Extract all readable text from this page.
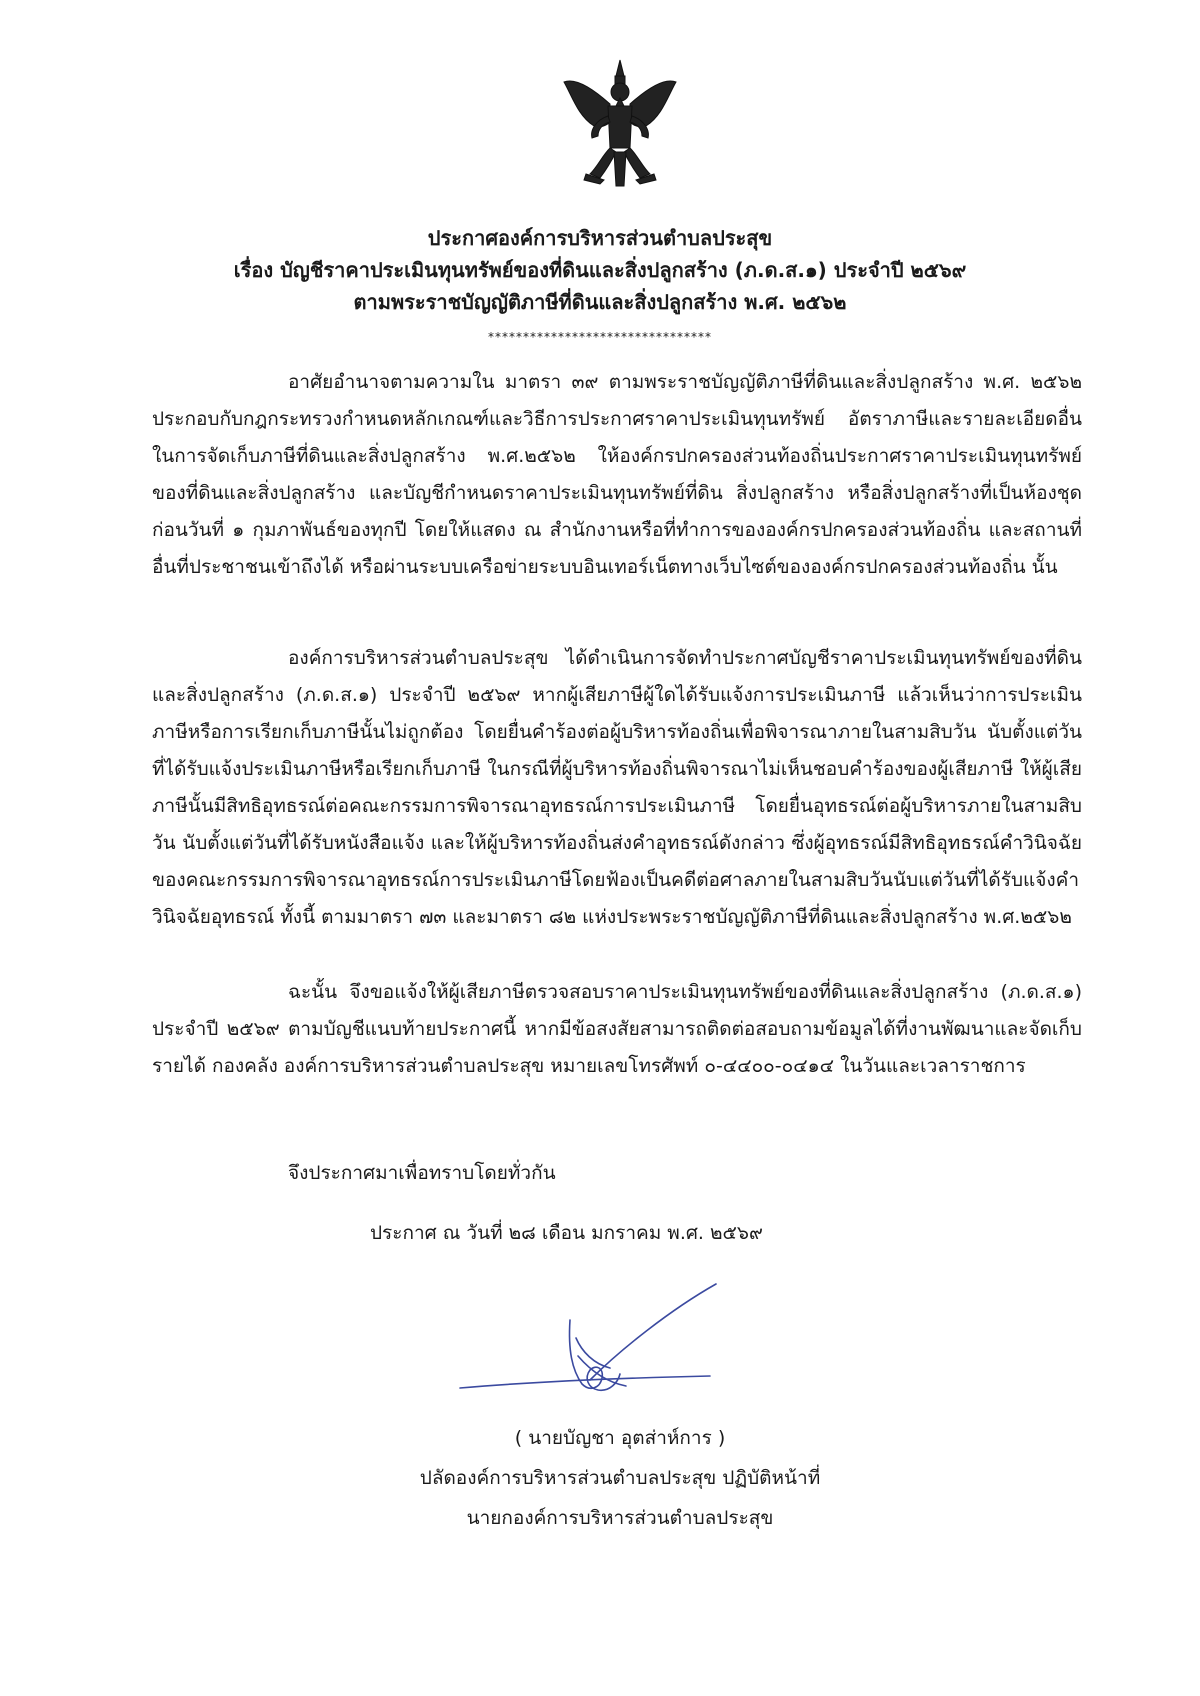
ประกาศองค์การบริหารส่วนตำบลประสุข
เรื่อง บัญชีราคาประเมินทุนทรัพย์ของที่ดินและสิ่งปลูกสร้าง (ภ.ด.ส.๑) ประจำปี ๒๕๖๙
ตามพระราชบัญญัติภาษีที่ดินและสิ่งปลูกสร้าง พ.ศ. ๒๕๖๒
********************************
อาศัยอำนาจตามความใน มาตรา ๓๙ ตามพระราชบัญญัติภาษีที่ดินและสิ่งปลูกสร้าง พ.ศ. ๒๕๖๒ ประกอบกับกฎกระทรวงกำหนดหลักเกณฑ์และวิธีการประกาศราคาประเมินทุนทรัพย์ อัตราภาษีและรายละเอียดอื่นในการจัดเก็บภาษีที่ดินและสิ่งปลูกสร้าง พ.ศ.๒๕๖๒ ให้องค์กรปกครองส่วนท้องถิ่นประกาศราคาประเมินทุนทรัพย์ของที่ดินและสิ่งปลูกสร้าง และบัญชีกำหนดราคาประเมินทุนทรัพย์ที่ดิน สิ่งปลูกสร้าง หรือสิ่งปลูกสร้างที่เป็นห้องชุด ก่อนวันที่ ๑ กุมภาพันธ์ของทุกปี โดยให้แสดง ณ สำนักงานหรือที่ทำการขององค์กรปกครองส่วนท้องถิ่น และสถานที่อื่นที่ประชาชนเข้าถึงได้ หรือผ่านระบบเครือข่ายระบบอินเทอร์เน็ตทางเว็บไซต์ขององค์กรปกครองส่วนท้องถิ่น นั้น
องค์การบริหารส่วนตำบลประสุข ได้ดำเนินการจัดทำประกาศบัญชีราคาประเมินทุนทรัพย์ของที่ดินและสิ่งปลูกสร้าง (ภ.ด.ส.๑) ประจำปี ๒๕๖๙ หากผู้เสียภาษีผู้ใดได้รับแจ้งการประเมินภาษี แล้วเห็นว่าการประเมินภาษีหรือการเรียกเก็บภาษีนั้นไม่ถูกต้อง โดยยื่นคำร้องต่อผู้บริหารท้องถิ่นเพื่อพิจารณาภายในสามสิบวัน นับตั้งแต่วันที่ได้รับแจ้งประเมินภาษีหรือเรียกเก็บภาษี ในกรณีที่ผู้บริหารท้องถิ่นพิจารณาไม่เห็นชอบคำร้องของผู้เสียภาษี ให้ผู้เสียภาษีนั้นมีสิทธิอุทธรณ์ต่อคณะกรรมการพิจารณาอุทธรณ์การประเมินภาษี โดยยื่นอุทธรณ์ต่อผู้บริหารภายในสามสิบวัน นับตั้งแต่วันที่ได้รับหนังสือแจ้ง และให้ผู้บริหารท้องถิ่นส่งคำอุทธรณ์ดังกล่าว ซึ่งผู้อุทธรณ์มีสิทธิอุทธรณ์คำวินิจฉัยของคณะกรรมการพิจารณาอุทธรณ์การประเมินภาษีโดยฟ้องเป็นคดีต่อศาลภายในสามสิบวันนับแต่วันที่ได้รับแจ้งคำวินิจฉัยอุทธรณ์ ทั้งนี้ ตามมาตรา ๗๓ และมาตรา ๘๒ แห่งประพระราชบัญญัติภาษีที่ดินและสิ่งปลูกสร้าง พ.ศ.๒๕๖๒
ฉะนั้น จึงขอแจ้งให้ผู้เสียภาษีตรวจสอบราคาประเมินทุนทรัพย์ของที่ดินและสิ่งปลูกสร้าง (ภ.ด.ส.๑) ประจำปี ๒๕๖๙ ตามบัญชีแนบท้ายประกาศนี้ หากมีข้อสงสัยสามารถติดต่อสอบถามข้อมูลได้ที่งานพัฒนาและจัดเก็บรายได้ กองคลัง องค์การบริหารส่วนตำบลประสุข หมายเลขโทรศัพท์ ๐-๔๔๐๐-๐๔๑๔ ในวันและเวลาราชการ
จึงประกาศมาเพื่อทราบโดยทั่วกัน
ประกาศ ณ วันที่ ๒๘ เดือน มกราคม พ.ศ. ๒๕๖๙
( นายบัญชา อุตส่าห์การ )
ปลัดองค์การบริหารส่วนตำบลประสุข ปฏิบัติหน้าที่
นายกองค์การบริหารส่วนตำบลประสุข
